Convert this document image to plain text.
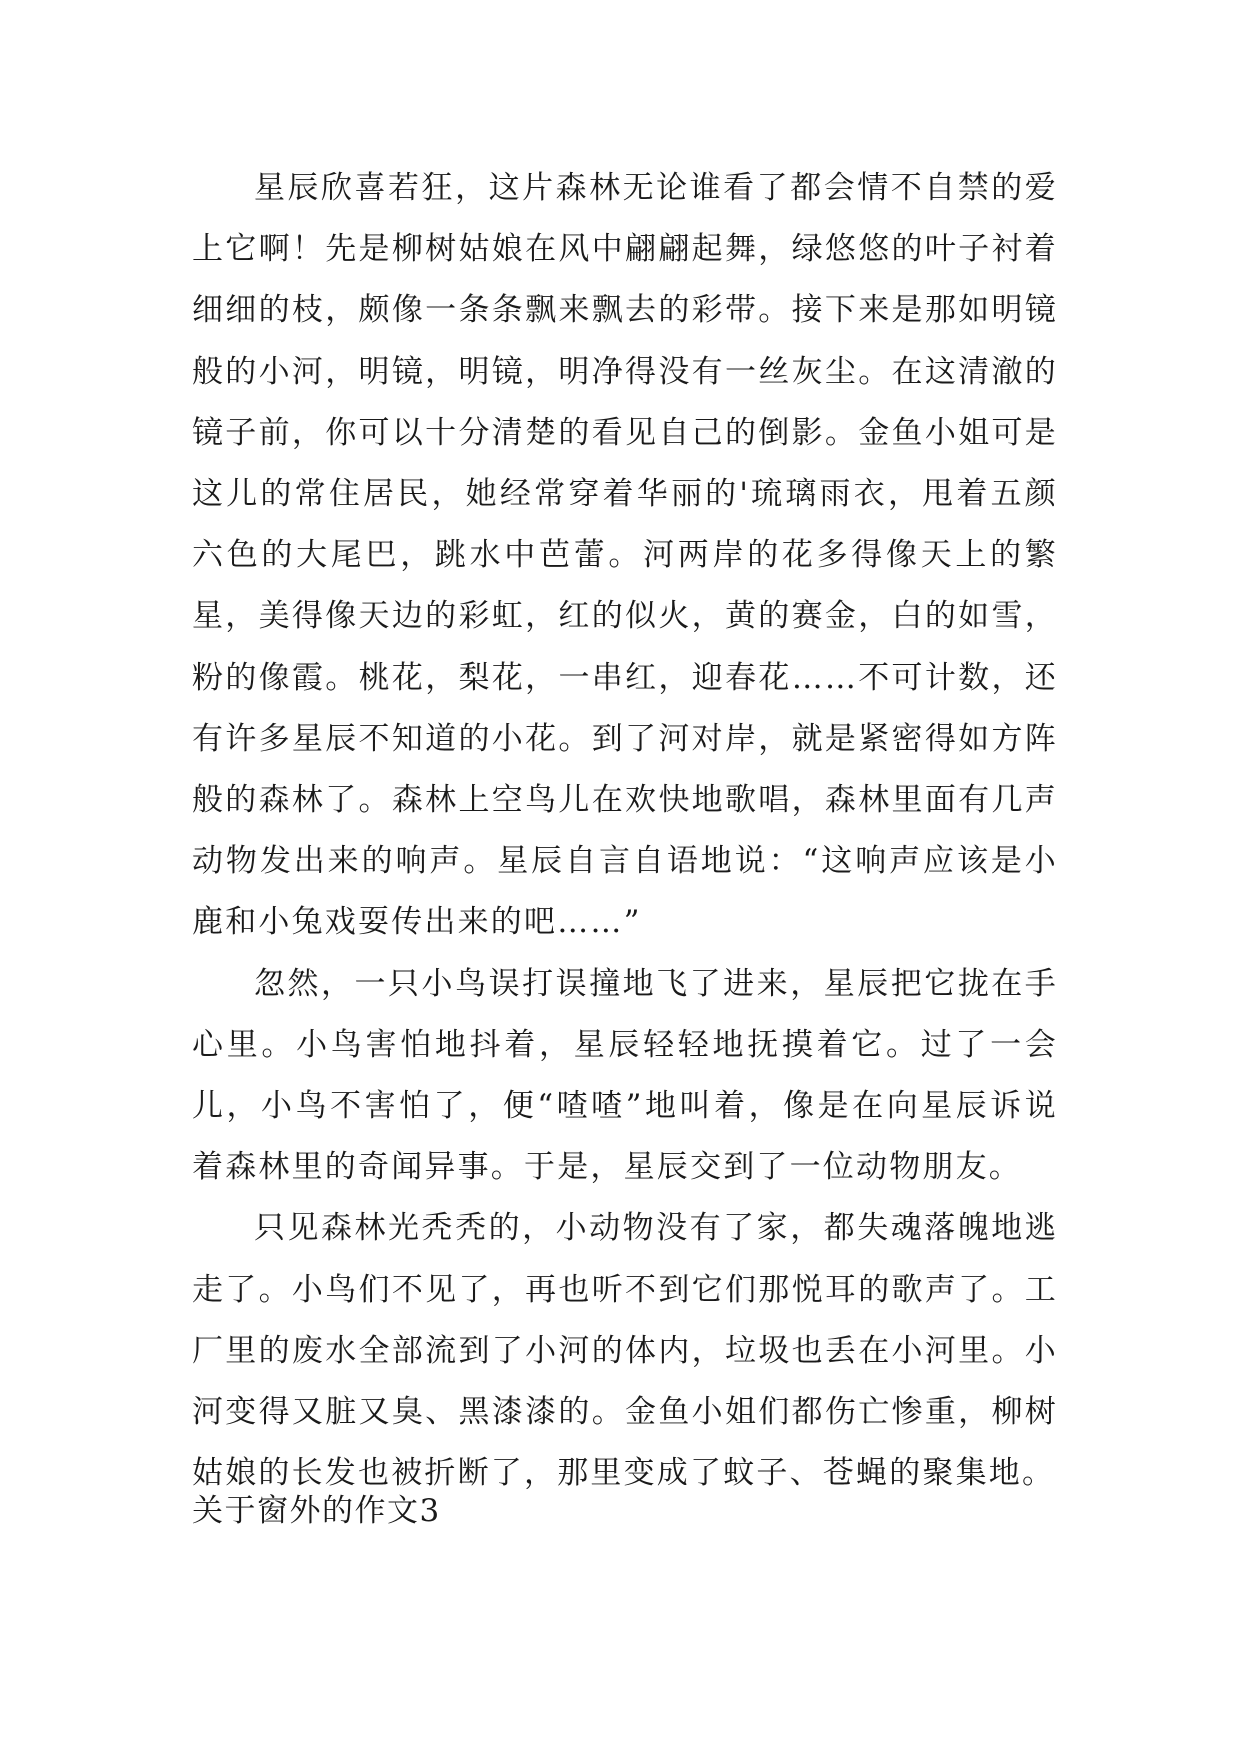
星辰欣喜若狂，这片森林无论谁看了都会情不自禁的爱上它啊！先是柳树姑娘在风中翩翩起舞，绿悠悠的叶子衬着细细的枝，颇像一条条飘来飘去的彩带。接下来是那如明镜般的小河，明镜，明镜，明净得没有一丝灰尘。在这清澈的镜子前，你可以十分清楚的看见自己的倒影。金鱼小姐可是这儿的常住居民，她经常穿着华丽的'琉璃雨衣，甩着五颜六色的大尾巴，跳水中芭蕾。河两岸的花多得像天上的繁星，美得像天边的彩虹，红的似火，黄的赛金，白的如雪，粉的像霞。桃花，梨花，一串红，迎春花……不可计数，还有许多星辰不知道的小花。到了河对岸，就是紧密得如方阵般的森林了。森林上空鸟儿在欢快地歌唱，森林里面有几声动物发出来的响声。星辰自言自语地说：“这响声应该是小鹿和小兔戏耍传出来的吧……”

忽然，一只小鸟误打误撞地飞了进来，星辰把它拢在手心里。小鸟害怕地抖着，星辰轻轻地抚摸着它。过了一会儿，小鸟不害怕了，便“喳喳”地叫着，像是在向星辰诉说着森林里的奇闻异事。于是，星辰交到了一位动物朋友。

只见森林光秃秃的，小动物没有了家，都失魂落魄地逃走了。小鸟们不见了，再也听不到它们那悦耳的歌声了。工厂里的废水全部流到了小河的体内，垃圾也丢在小河里。小河变得又脏又臭、黑漆漆的。金鱼小姐们都伤亡惨重，柳树姑娘的长发也被折断了，那里变成了蚊子、苍蝇的聚集地。

关于窗外的作文3
